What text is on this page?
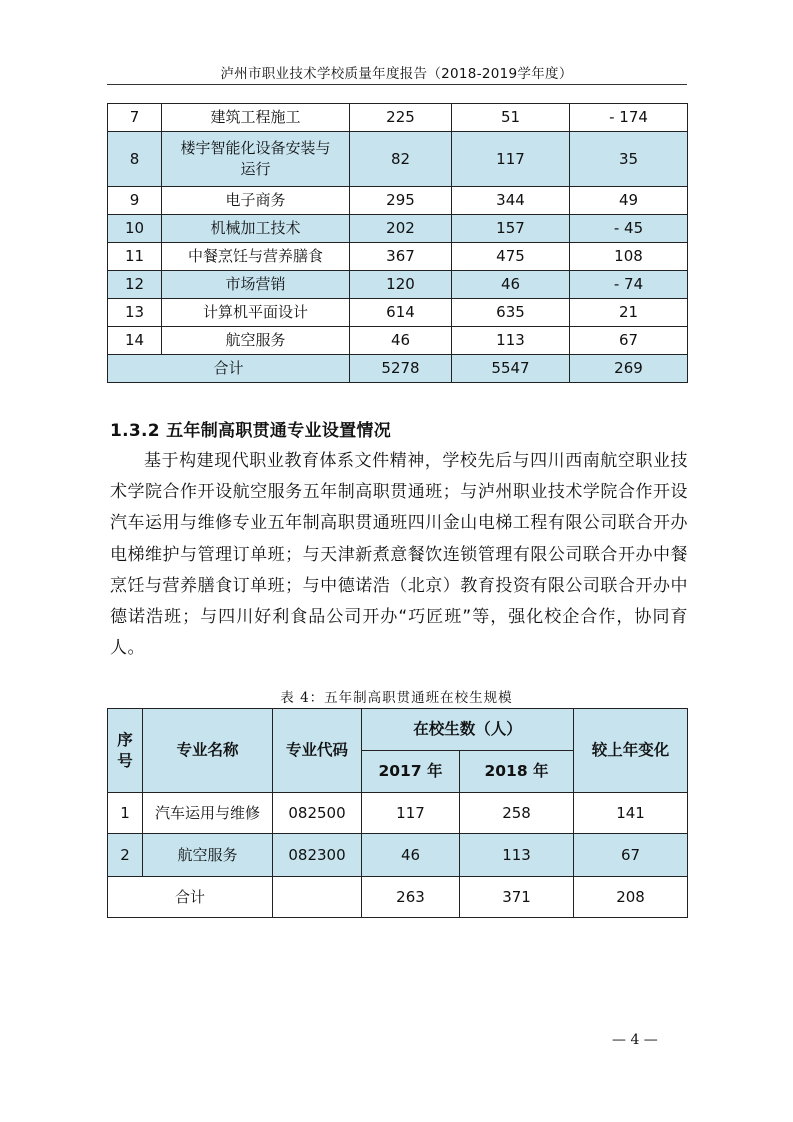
泸州市职业技术学校质量年度报告（2018-2019学年度）
7	建筑工程施工	225	51	- 174
8	楼宇智能化设备安装与运行	82	117	35
9	电子商务	295	344	49
10	机械加工技术	202	157	- 45
11	中餐烹饪与营养膳食	367	475	108
12	市场营销	120	46	- 74
13	计算机平面设计	614	635	21
14	航空服务	46	113	67
合计		5278	5547	269
1.3.2 五年制高职贯通专业设置情况

基于构建现代职业教育体系文件精神，学校先后与四川西南航空职业技术学院合作开设航空服务五年制高职贯通班；与泸州职业技术学院合作开设汽车运用与维修专业五年制高职贯通班四川金山电梯工程有限公司联合开办电梯维护与管理订单班；与天津新煮意餐饮连锁管理有限公司联合开办中餐烹饪与营养膳食订单班；与中德诺浩（北京）教育投资有限公司联合开办中德诺浩班；与四川好利食品公司开办“巧匠班”等，强化校企合作，协同育人。

表 4：五年制高职贯通班在校生规模
序号	专业名称	专业代码	在校生数（人）		较上年变化
			2017 年	2018 年	
1	汽车运用与维修	082500	117	258	141
2	航空服务	082300	46	113	67
合计			263	371	208
— 4 —
